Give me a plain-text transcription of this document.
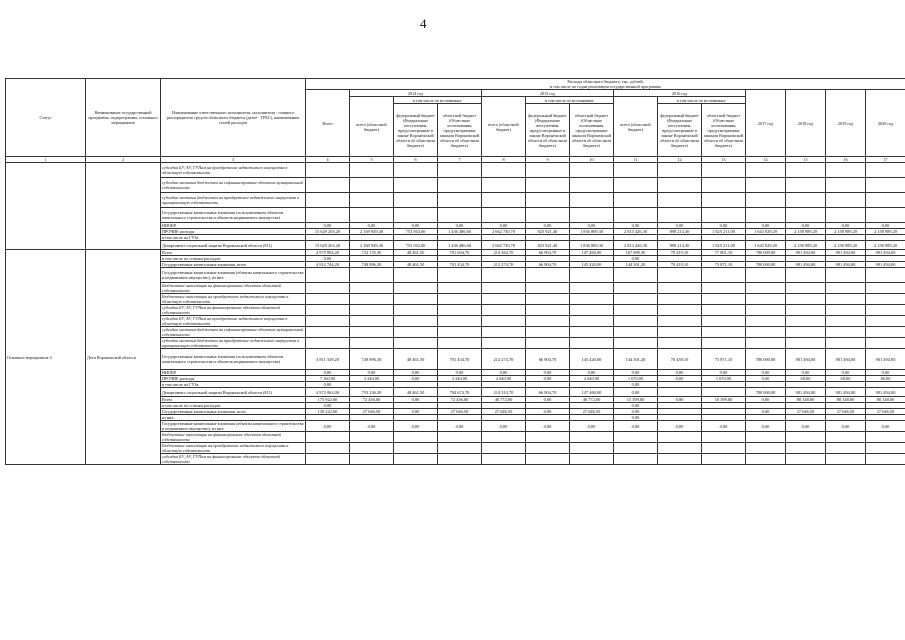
4
Статус	Наименование государственной программы, подпрограммы, основного мероприятия	Наименование ответственного исполнителя, исполнителя - главного распорядителя средств областного бюджета (далее - ГРБС), наименование статей расходов	Расходы областного бюджета, тыс. рублей,
в том числе по годам реализации государственной программы													
			Всего	2014 год			2015 год			2016 год			2017 год	2018 год	2019 год	2020 год
				всего (областной бюджет)	в том числе по источникам:		всего (областной бюджет)	в том числе по источникам:		всего (областной бюджет)	в том числе по источникам:					
					федеральный бюджет (Федеральные поступления, предусмотренные в законе Воронежской области об областном бюджете)	областной бюджет (Областные ассигнования, предусмотренные законом Воронежской области об областном бюджете)		федеральный бюджет (Федеральные поступления, предусмотренные в законе Воронежской области об областном бюджете)	областной бюджет (Областные ассигнования, предусмотренные законом Воронежской области об областном бюджете)		федеральный бюджет (Федеральные поступления, предусмотренные в законе Воронежской области об областном бюджете)	областной бюджет (Областные ассигнования, предусмотренные законом Воронежской области об областном бюджете)				
1	2	3	4	5	6	7	8	9	10	11	12	13	14	15	16	17
		субсидии БУ, АУ, ГУПам на приобретение недвижимого имущества в областную собственность														
		субсидии местным бюджетам на софинансирование объектов муниципальной собственности														
		субсидии местным бюджетам на приобретение недвижимого имущества в муниципальную собственность														
		Государственные капитальные вложения (за исключением объектов капитального строительства и объектов недвижимого имущества)														
		НИОКР	0,00	0,00	0,00	0,00	0,00	0,00	0,00	0,00	0,00	0,00	0,00	0,00	0,00	0,00
		ПРОЧИЕ расходы	15 629 203,20	2 169 949,40	753 563,00	1 436 486,60	2 662 730,70	825 921,40	1 836 809,30	2 813 426,30	898 214,30	1 825 211,00	1 643 929,20	2 158 989,20	2 158 989,20	2 158 989,20
		в том числе по ГУЗа														
		Департамент социальной защиты Воронежской области (811)	15 629 203,20	2 169 949,40	753 563,00	1 436 486,60	2 662 730,70	825 921,40	1 836 809,30	2 813 426,30	898 214,30	1 825 211,00	1 643 929,20	2 158 989,20	2 158 989,20	2 158 989,20
Основное мероприятие 2	Дети Воронежской области	Всего	4 975 894,20	723 135,30	48 461,50	701 604,70	214 364,70	66 904,70	147 460,00	167 890,30	70 419,10	77 801,10	780 000,00	901 494,00	901 494,00	901 494,00
		в том числе по статьям расходов:	0,00							0,00						
		Государственные капитальные вложения, всего	4 912 744,20	749 896,30	48 461,50	701 434,70	212 274,70	66 904,70	145 420,00	144 301,20	70 419,10	73 871,10	780 000,00	901 494,00	901 494,00	901 494,00
		Государственные капитальные вложения (объекты капитального строительства и недвижимое имущество), из них:														
		Бюджетные инвестиции на финансирование объектов областной собственности														
		Бюджетные инвестиции на приобретение недвижимого имущества в областную собственность														
		субсидии БУ, АУ, ГУПам на финансирование объектов областной собственности														
		субсидии БУ, АУ, ГУПам на приобретение недвижимого имущества в областную собственность														
		субсидии местным бюджетам на софинансирование объектов муниципальной собственности														
		субсидии местным бюджетам на приобретение недвижимого имущества в муниципальную собственность														
		Государственные капитальные вложения (за исключением объектов капитального строительства и объектов недвижимого имущества)	3 811 339,20	749 896,30	48 461,50	701 434,70	212 274,70	66 904,70	145 420,00	144 301,20	70 439,10	73 871,10	780 000,00	901 494,00	901 494,00	901 494,00
		НИОКР	0,00	0,00	0,00	0,00	0,00	0,00	0,00	0,00	0,00	0,00	0,00	0,00	0,00	0,00
		ПРОЧИЕ расходы	7 160,00	3 240,00	0,00	3 240,00	2 040,00	0,00	2 040,00	1 670,00	0,00	1 670,00	0,00	60,00	60,00	60,00
		в том числе по ГУЗа	0,00							0,00						
		Департамент социальной защиты Воронежской области (811)	4 972 063,00	753 136,30	48 461,50	704 674,70	214 314,70	66 904,70	147 460,00	0,00			780 000,00	901 494,00	901 494,00	901 494,00
		Всего	175 922,60	72 436,00	0,00	72 436,00	46 772,00	0,00	46 772,00	15 399,00	0,00	16 399,00	0,00	80 148,00	80 148,00	80 148,00
		в том числе по статьям расходов:	0,00							0,00						
		Государственные капитальные вложения, всего	130 222,60	27 646,50	0,00	27 646,50	27 646,50	0,00	27 646,50	0,00			0,00	27 646,50	27 646,50	27 646,50
		из них:								0,00						
		Государственные капитальные вложения (объекты капитального строительства и недвижимое имущество), из них:	0,00	0,00	0,00	0,00	0,00	0,00	0,00	0,00	0,00	0,00	0,00	0,00	0,00	0,00
		Бюджетные инвестиции на финансирование объектов областной собственности														
		Бюджетные инвестиции на приобретение недвижимого имущества в областную собственность														
		субсидии БУ, АУ, ГУПам на финансирование объектов областной собственности														
